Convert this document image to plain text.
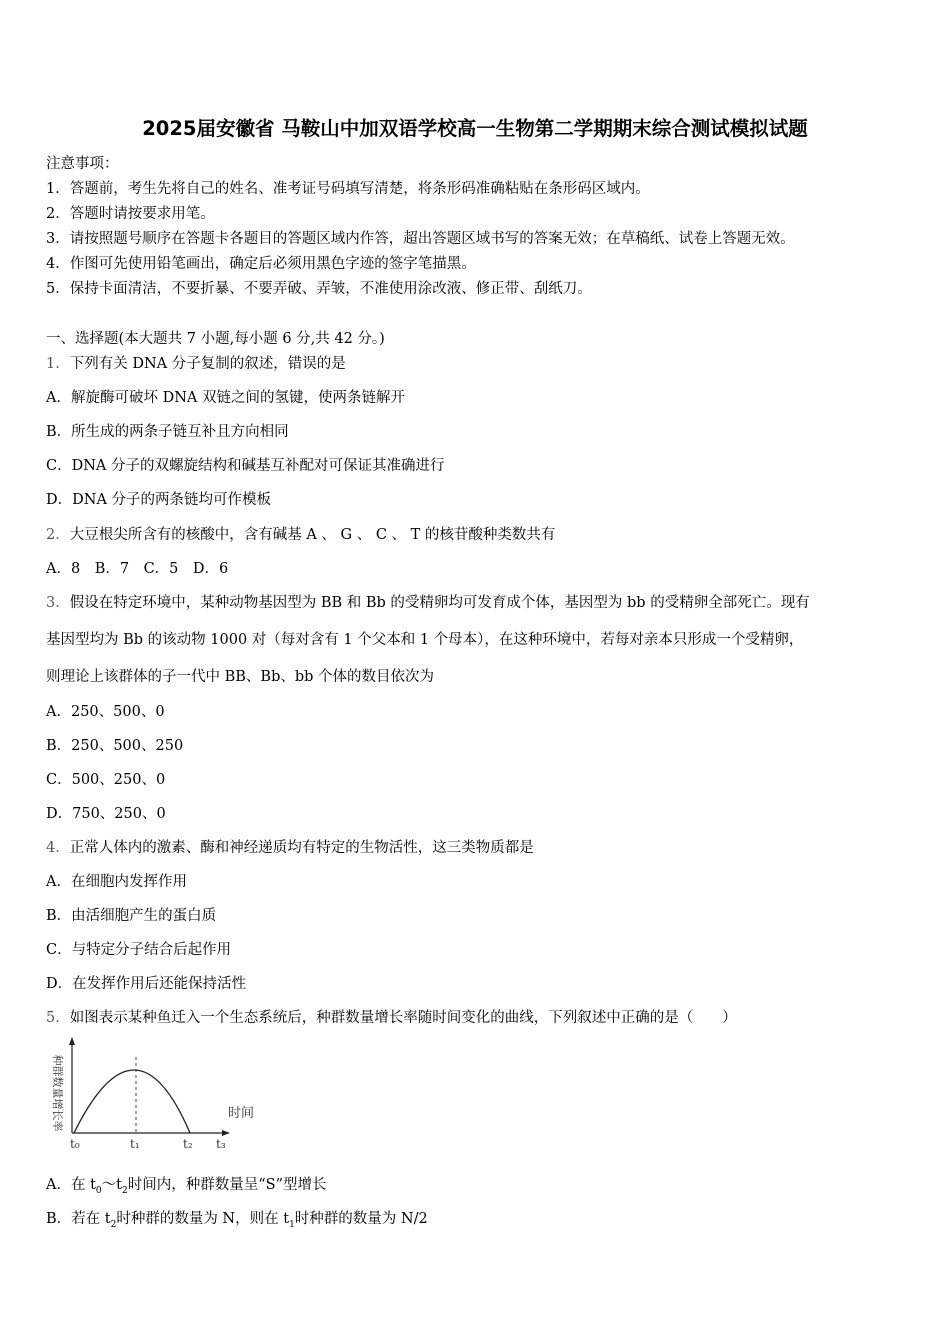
2025届安徽省 马鞍山中加双语学校高一生物第二学期期末综合测试模拟试题
注意事项：
1．答题前，考生先将自己的姓名、准考证号码填写清楚，将条形码准确粘贴在条形码区域内。
2．答题时请按要求用笔。
3．请按照题号顺序在答题卡各题目的答题区域内作答，超出答题区域书写的答案无效；在草稿纸、试卷上答题无效。
4．作图可先使用铅笔画出，确定后必须用黑色字迹的签字笔描黑。
5．保持卡面清洁，不要折暴、不要弄破、弄皱，不准使用涂改液、修正带、刮纸刀。
一、选择题(本大题共 7 小题,每小题 6 分,共 42 分。)
1．下列有关 DNA 分子复制的叙述，错误的是
A．解旋酶可破坏 DNA 双链之间的氢键，使两条链解开
B．所生成的两条子链互补且方向相同
C．DNA 分子的双螺旋结构和碱基互补配对可保证其准确进行
D．DNA 分子的两条链均可作模板
2．大豆根尖所含有的核酸中，含有碱基 A 、 G 、 C 、 T 的核苷酸种类数共有
A．8　B．7　C．5　D．6
3．假设在特定环境中，某种动物基因型为 BB 和 Bb 的受精卵均可发育成个体，基因型为 bb 的受精卵全部死亡。现有
基因型均为 Bb 的该动物 1000 对（每对含有 1 个父本和 1 个母本），在这种环境中，若每对亲本只形成一个受精卵，
则理论上该群体的子一代中 BB、Bb、bb 个体的数目依次为
A．250、500、0
B．250、500、250
C．500、250、0
D．750、250、0
4．正常人体内的激素、酶和神经递质均有特定的生物活性，这三类物质都是
A．在细胞内发挥作用
B．由活细胞产生的蛋白质
C．与特定分子结合后起作用
D．在发挥作用后还能保持活性
5．如图表示某种鱼迁入一个生态系统后，种群数量增长率随时间变化的曲线，下列叙述中正确的是（　　）
种群数量增长率	时间
t₀	t₁	t₂ t₃
A．在 $t_0\sim t_2$时间内，种群数量呈“S”型增长
B．若在 $t_2$时种群的数量为 N，则在 $t_1$时种群的数量为 N/2
